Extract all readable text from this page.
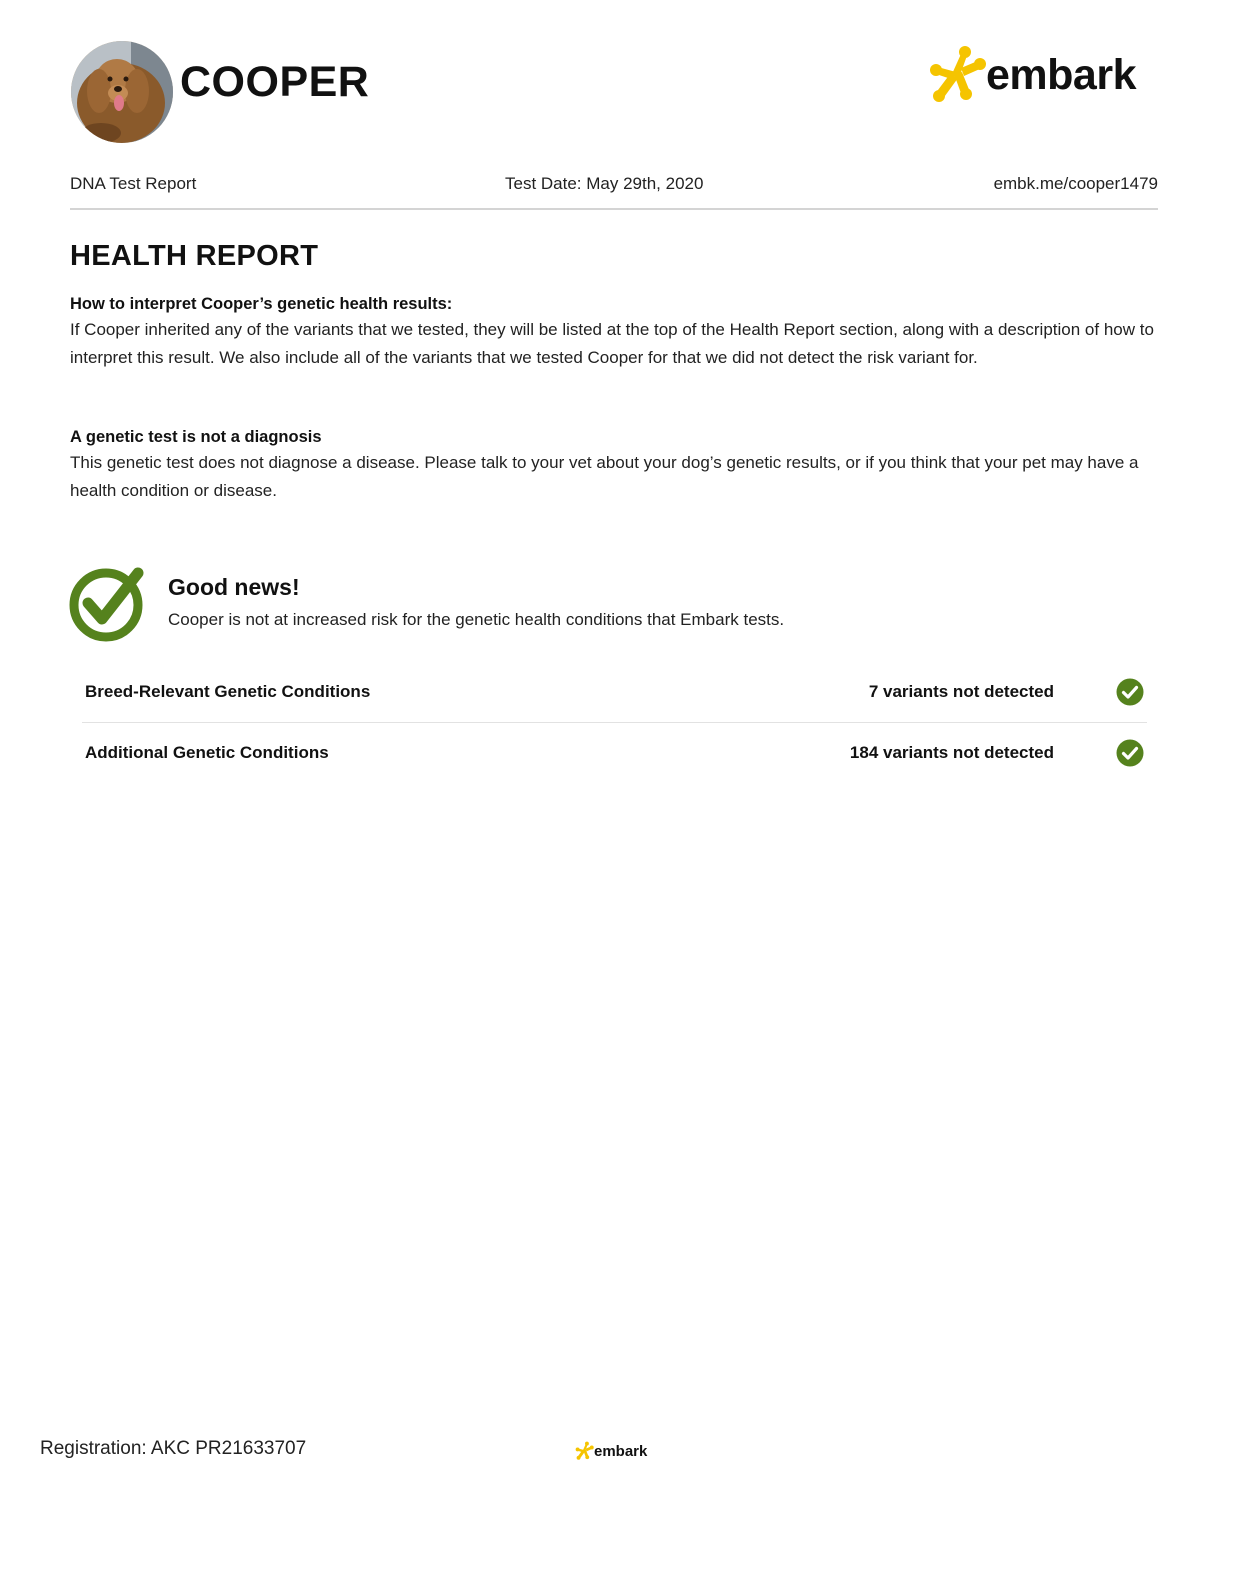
COOPER	embark
DNA Test Report	Test Date: May 29th, 2020	embk.me/cooper1479
HEALTH REPORT
How to interpret Cooper’s genetic health results:
If Cooper inherited any of the variants that we tested, they will be listed at the top of the Health Report section, along with a description of how to interpret this result. We also include all of the variants that we tested Cooper for that we did not detect the risk variant for.
A genetic test is not a diagnosis
This genetic test does not diagnose a disease. Please talk to your vet about your dog’s genetic results, or if you think that your pet may have a health condition or disease.
Good news!
Cooper is not at increased risk for the genetic health conditions that Embark tests.
Breed-Relevant Genetic Conditions	7 variants not detected
Additional Genetic Conditions	184 variants not detected
Registration: AKC PR21633707	embark
